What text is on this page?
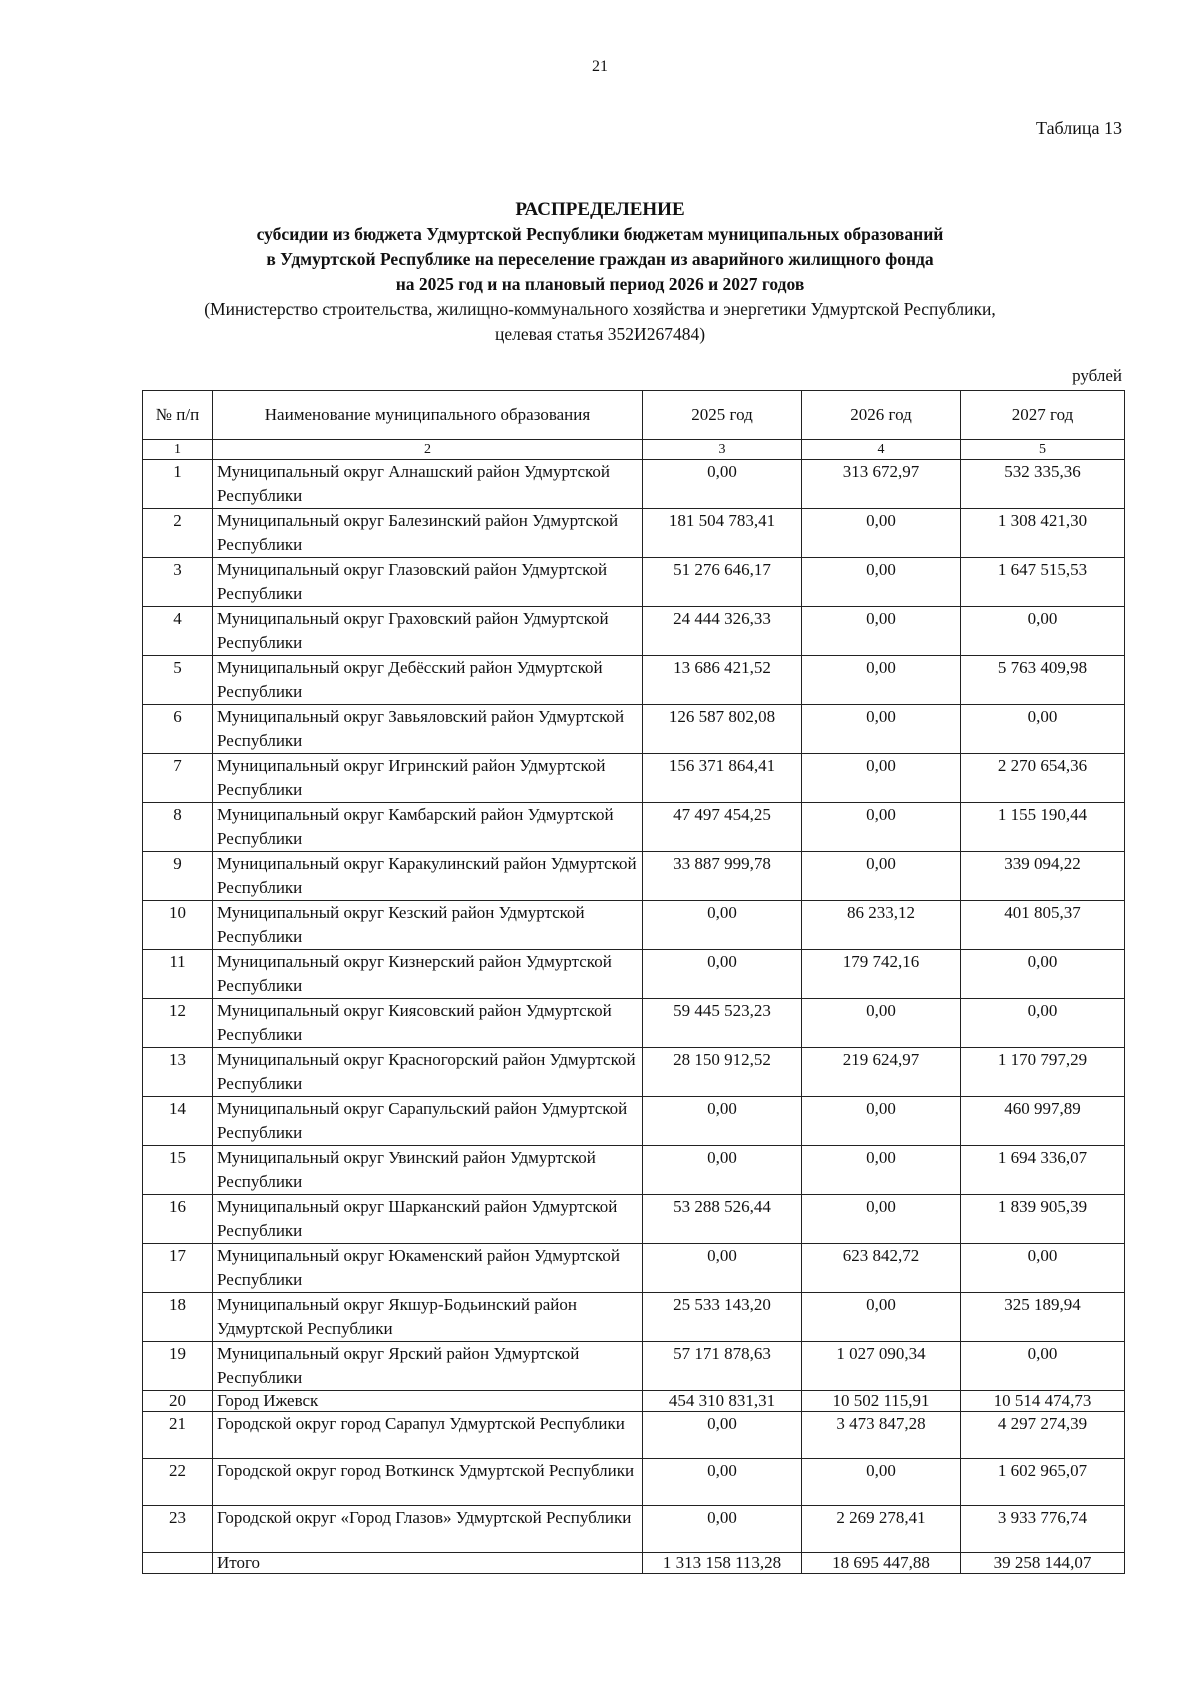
21
Таблица 13
РАСПРЕДЕЛЕНИЕ
субсидии из бюджета Удмуртской Республики бюджетам муниципальных образований
в Удмуртской Республике на переселение граждан из аварийного жилищного фонда
на 2025 год и на плановый период 2026 и 2027 годов
(Министерство строительства, жилищно-коммунального хозяйства и энергетики Удмуртской Республики,
целевая статья 352И267484)
рублей
№ п/п	Наименование муниципального образования	2025 год	2026 год	2027 год
1	2	3	4	5
1	Муниципальный округ Алнашский район Удмуртской Республики	0,00	313 672,97	532 335,36
2	Муниципальный округ Балезинский район Удмуртской Республики	181 504 783,41	0,00	1 308 421,30
3	Муниципальный округ Глазовский район Удмуртской Республики	51 276 646,17	0,00	1 647 515,53
4	Муниципальный округ Граховский район Удмуртской Республики	24 444 326,33	0,00	0,00
5	Муниципальный округ Дебёсский район Удмуртской Республики	13 686 421,52	0,00	5 763 409,98
6	Муниципальный округ Завьяловский район Удмуртской Республики	126 587 802,08	0,00	0,00
7	Муниципальный округ Игринский район Удмуртской Республики	156 371 864,41	0,00	2 270 654,36
8	Муниципальный округ Камбарский район Удмуртской Республики	47 497 454,25	0,00	1 155 190,44
9	Муниципальный округ Каракулинский район Удмуртской Республики	33 887 999,78	0,00	339 094,22
10	Муниципальный округ Кезский район Удмуртской Республики	0,00	86 233,12	401 805,37
11	Муниципальный округ Кизнерский район Удмуртской Республики	0,00	179 742,16	0,00
12	Муниципальный округ Киясовский район Удмуртской Республики	59 445 523,23	0,00	0,00
13	Муниципальный округ Красногорский район Удмуртской Республики	28 150 912,52	219 624,97	1 170 797,29
14	Муниципальный округ Сарапульский район Удмуртской Республики	0,00	0,00	460 997,89
15	Муниципальный округ Увинский район Удмуртской Республики	0,00	0,00	1 694 336,07
16	Муниципальный округ Шарканский район Удмуртской Республики	53 288 526,44	0,00	1 839 905,39
17	Муниципальный округ Юкаменский район Удмуртской Республики	0,00	623 842,72	0,00
18	Муниципальный округ Якшур-Бодьинский район Удмуртской Республики	25 533 143,20	0,00	325 189,94
19	Муниципальный округ Ярский район Удмуртской Республики	57 171 878,63	1 027 090,34	0,00
20	Город Ижевск	454 310 831,31	10 502 115,91	10 514 474,73
21	Городской округ город Сарапул Удмуртской Республики	0,00	3 473 847,28	4 297 274,39
22	Городской округ город Воткинск Удмуртской Республики	0,00	0,00	1 602 965,07
23	Городской округ «Город Глазов» Удмуртской Республики	0,00	2 269 278,41	3 933 776,74
	Итого	1 313 158 113,28	18 695 447,88	39 258 144,07
